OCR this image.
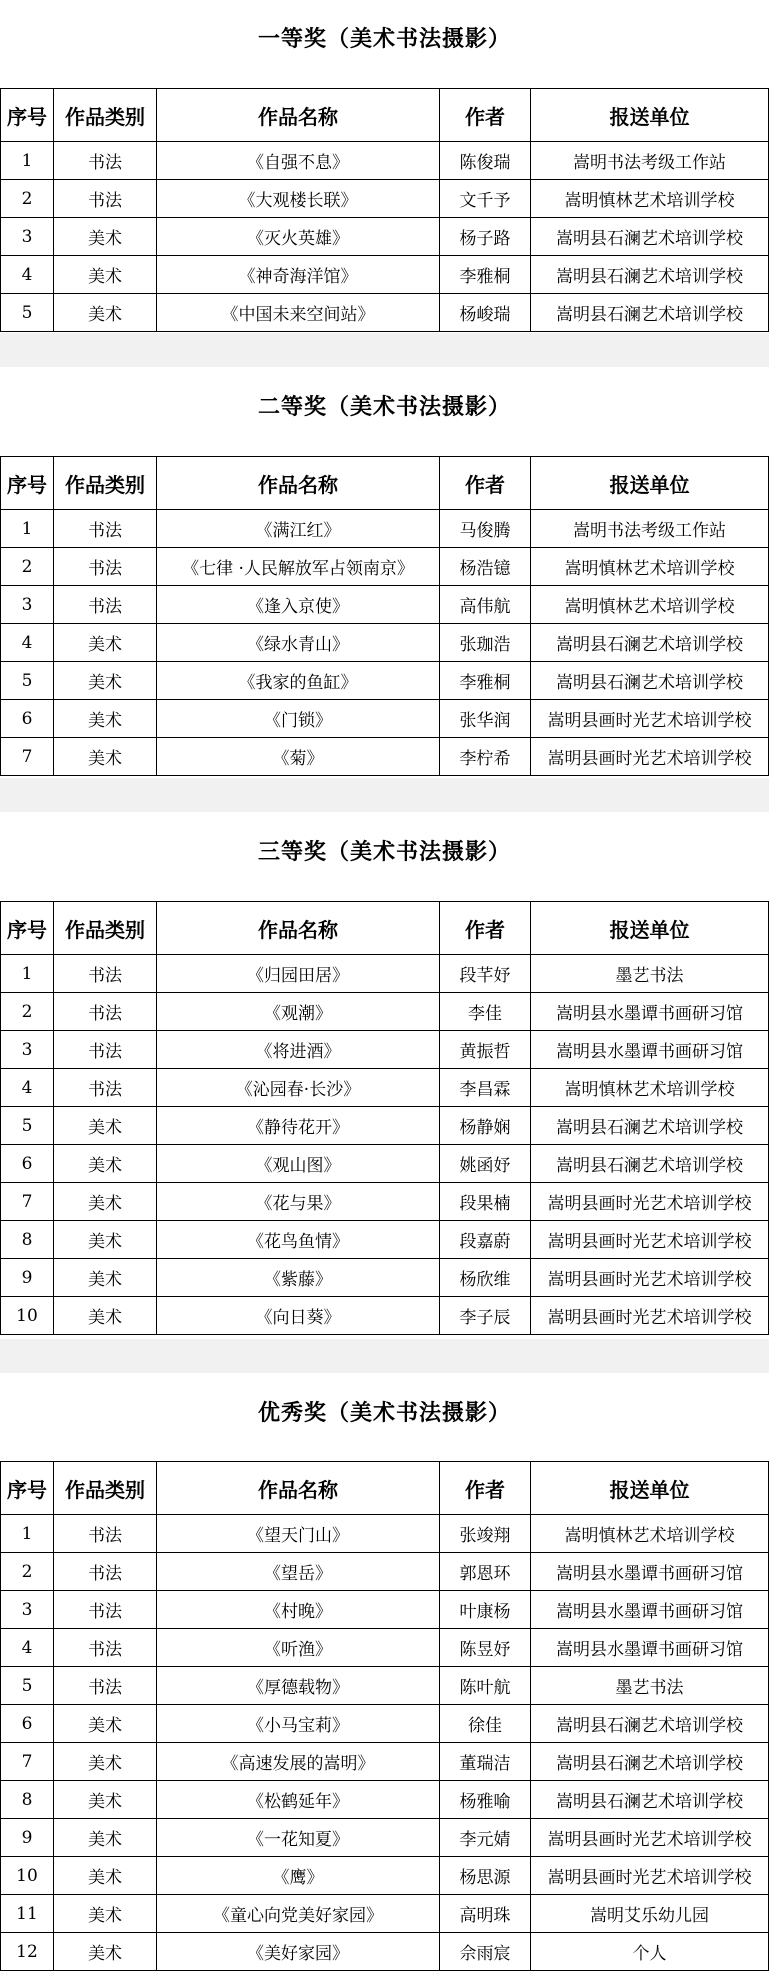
一等奖（美术书法摄影）
序号	作品类别	作品名称	作者	报送单位
1	书法	《自强不息》	陈俊瑞	嵩明书法考级工作站
2	书法	《大观楼长联》	文千予	嵩明慎林艺术培训学校
3	美术	《灭火英雄》	杨子路	嵩明县石澜艺术培训学校
4	美术	《神奇海洋馆》	李雅桐	嵩明县石澜艺术培训学校
5	美术	《中国未来空间站》	杨峻瑞	嵩明县石澜艺术培训学校
二等奖（美术书法摄影）
序号	作品类别	作品名称	作者	报送单位
1	书法	《满江红》	马俊腾	嵩明书法考级工作站
2	书法	《七律 ·人民解放军占领南京》	杨浩镱	嵩明慎林艺术培训学校
3	书法	《逢入京使》	高伟航	嵩明慎林艺术培训学校
4	美术	《绿水青山》	张珈浩	嵩明县石澜艺术培训学校
5	美术	《我家的鱼缸》	李雅桐	嵩明县石澜艺术培训学校
6	美术	《门锁》	张华润	嵩明县画时光艺术培训学校
7	美术	《菊》	李柠希	嵩明县画时光艺术培训学校
三等奖（美术书法摄影）
序号	作品类别	作品名称	作者	报送单位
1	书法	《归园田居》	段芊妤	墨艺书法
2	书法	《观潮》	李佳	嵩明县水墨谭书画研习馆
3	书法	《将进酒》	黄振哲	嵩明县水墨谭书画研习馆
4	书法	《沁园春·长沙》	李昌霖	嵩明慎林艺术培训学校
5	美术	《静待花开》	杨静娴	嵩明县石澜艺术培训学校
6	美术	《观山图》	姚函妤	嵩明县石澜艺术培训学校
7	美术	《花与果》	段果楠	嵩明县画时光艺术培训学校
8	美术	《花鸟鱼情》	段嘉蔚	嵩明县画时光艺术培训学校
9	美术	《紫藤》	杨欣维	嵩明县画时光艺术培训学校
10	美术	《向日葵》	李子辰	嵩明县画时光艺术培训学校
优秀奖（美术书法摄影）
序号	作品类别	作品名称	作者	报送单位
1	书法	《望天门山》	张竣翔	嵩明慎林艺术培训学校
2	书法	《望岳》	郭恩环	嵩明县水墨谭书画研习馆
3	书法	《村晚》	叶康杨	嵩明县水墨谭书画研习馆
4	书法	《听渔》	陈昱妤	嵩明县水墨谭书画研习馆
5	书法	《厚德载物》	陈叶航	墨艺书法
6	美术	《小马宝莉》	徐佳	嵩明县石澜艺术培训学校
7	美术	《高速发展的嵩明》	董瑞洁	嵩明县石澜艺术培训学校
8	美术	《松鹤延年》	杨雅喻	嵩明县石澜艺术培训学校
9	美术	《一花知夏》	李元婧	嵩明县画时光艺术培训学校
10	美术	《鹰》	杨思源	嵩明县画时光艺术培训学校
11	美术	《童心向党美好家园》	高明珠	嵩明艾乐幼儿园
12	美术	《美好家园》	佘雨宸	个人
